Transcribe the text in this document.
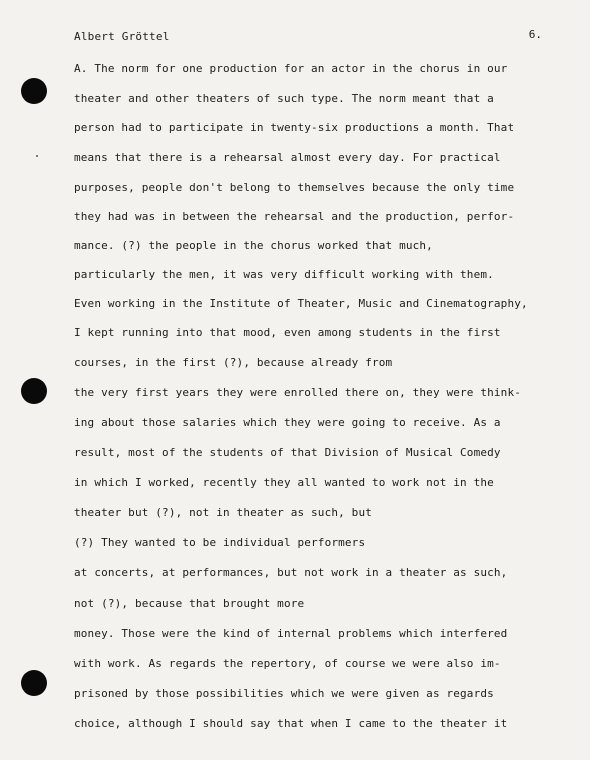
Albert Gröttel	6.
A. The norm for one production for an actor in the chorus in our
theater and other theaters of such type. The norm meant that a
person had to participate in twenty-six productions a month. That
means that there is a rehearsal almost every day. For practical
purposes, people don't belong to themselves because the only time
they had was in between the rehearsal and the production, perfor-
mance. (?) the people in the chorus worked that much,
particularly the men, it was very difficult working with them.
Even working in the Institute of Theater, Music and Cinematography,
I kept running into that mood, even among students in the first
courses, in the first (?), because already from
the very first years they were enrolled there on, they were think-
ing about those salaries which they were going to receive. As a
result, most of the students of that Division of Musical Comedy
in which I worked, recently they all wanted to work not in the
theater but (?), not in theater as such, but
(?) They wanted to be individual performers
at concerts, at performances, but not work in a theater as such,
not (?), because that brought more
money. Those were the kind of internal problems which interfered
with work. As regards the repertory, of course we were also im-
prisoned by those possibilities which we were given as regards
choice, although I should say that when I came to the theater it
